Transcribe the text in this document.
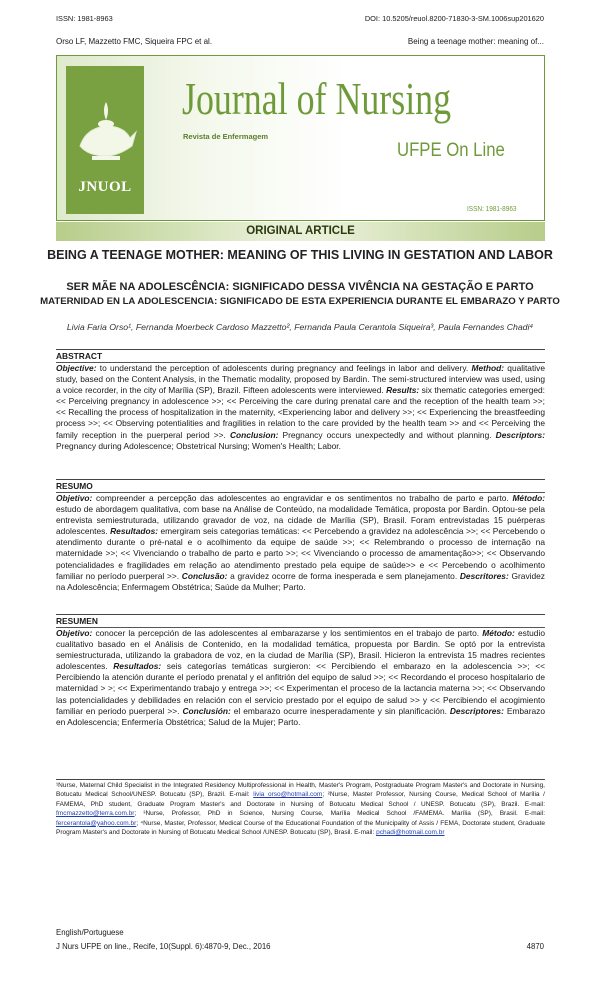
ISSN: 1981-8963	DOI: 10.5205/reuol.8200-71830-3-SM.1006sup201620
Orso LF, Mazzetto FMC, Siqueira FPC et al.	Being a teenage mother: meaning of...
JNUOL
Journal of Nursing
Revista de Enfermagem
UFPE On Line
ISSN: 1981-8963
ORIGINAL ARTICLE
BEING A TEENAGE MOTHER: MEANING OF THIS LIVING IN GESTATION AND LABOR
SER MÃE NA ADOLESCÊNCIA: SIGNIFICADO DESSA VIVÊNCIA NA GESTAÇÃO E PARTO
MATERNIDAD EN LA ADOLESCENCIA: SIGNIFICADO DE ESTA EXPERIENCIA DURANTE EL EMBARAZO Y PARTO
Livia Faria Orso¹, Fernanda Moerbeck Cardoso Mazzetto², Fernanda Paula Cerantola Siqueira³, Paula Fernandes Chadi⁴
ABSTRACT
Objective: to understand the perception of adolescents during pregnancy and feelings in labor and delivery. Method: qualitative study, based on the Content Analysis, in the Thematic modality, proposed by Bardin. The semi-structured interview was used, using a voice recorder, in the city of Marília (SP), Brazil. Fifteen adolescents were interviewed. Results: six thematic categories emerged: << Perceiving pregnancy in adolescence >>; << Perceiving the care during prenatal care and the reception of the health team >>; << Recalling the process of hospitalization in the maternity, <Experiencing labor and delivery >>; << Experiencing the breastfeeding process >>; << Observing potentialities and fragilities in relation to the care provided by the health team >> and << Perceiving the family reception in the puerperal period >>. Conclusion: Pregnancy occurs unexpectedly and without planning. Descriptors: Pregnancy during Adolescence; Obstetrical Nursing; Women's Health; Labor.
RESUMO
Objetivo: compreender a percepção das adolescentes ao engravidar e os sentimentos no trabalho de parto e parto. Método: estudo de abordagem qualitativa, com base na Análise de Conteúdo, na modalidade Temática, proposta por Bardin. Optou-se pela entrevista semiestruturada, utilizando gravador de voz, na cidade de Marília (SP), Brasil. Foram entrevistadas 15 puérperas adolescentes. Resultados: emergiram seis categorias temáticas: << Percebendo a gravidez na adolescência >>; << Percebendo o atendimento durante o pré-natal e o acolhimento da equipe de saúde >>; << Relembrando o processo de internação na maternidade >>; << Vivenciando o trabalho de parto e parto >>; << Vivenciando o processo de amamentação>>; << Observando potencialidades e fragilidades em relação ao atendimento prestado pela equipe de saúde>> e << Percebendo o acolhimento familiar no período puerperal >>. Conclusão: a gravidez ocorre de forma inesperada e sem planejamento. Descritores: Gravidez na Adolescência; Enfermagem Obstétrica; Saúde da Mulher; Parto.
RESUMEN
Objetivo: conocer la percepción de las adolescentes al embarazarse y los sentimientos en el trabajo de parto. Método: estudio cualitativo basado en el Análisis de Contenido, en la modalidad temática, propuesta por Bardin. Se optó por la entrevista semiestructurada, utilizando la grabadora de voz, en la ciudad de Marília (SP), Brasil. Hicieron la entrevista 15 madres recientes adolescentes. Resultados: seis categorías temáticas surgieron: << Percibiendo el embarazo en la adolescencia >>; << Percibiendo la atención durante el período prenatal y el anfitrión del equipo de salud >>; << Recordando el proceso hospitalario de maternidad > >; << Experimentando trabajo y entrega >>; << Experimentan el proceso de la lactancia materna >>; << Observando las potencialidades y debilidades en relación con el servicio prestado por el equipo de salud >> y << Percibiendo el acogimiento familiar en periodo puerperal >>. Conclusión: el embarazo ocurre inesperadamente y sin planificación. Descriptores: Embarazo en Adolescencia; Enfermería Obstétrica; Salud de la Mujer; Parto.
¹Nurse, Maternal Child Specialist in the Integrated Residency Multiprofessional in Health, Master's Program, Postgraduate Program Master's and Doctorate in Nursing, Botucatu Medical School/UNESP. Botucatu (SP), Brazil. E-mail: livia_orso@hotmail.com; ²Nurse, Master Professor, Nursing Course, Medical School of Marília / FAMEMA, PhD student, Graduate Program Master's and Doctorate in Nursing of Botucatu Medical School / UNESP. Botucatu (SP), Brazil. E-mail: fmcmazzetto@terra.com.br; ³Nurse, Professor, PhD in Science, Nursing Course, Marília Medical School /FAMEMA. Marília (SP), Brasil. E-mail: fercerantola@yahoo.com.br; ⁴Nurse, Master, Professor, Medical Course of the Educational Foundation of the Municipality of Assis / FEMA, Doctorate student, Graduate Program Master's and Doctorate in Nursing of Botucatu Medical School /UNESP. Botucatu (SP), Brasil. E-mail: pchadi@hotmail.com.br
English/Portuguese
J Nurs UFPE on line., Recife, 10(Suppl. 6):4870-9, Dec., 2016	4870
